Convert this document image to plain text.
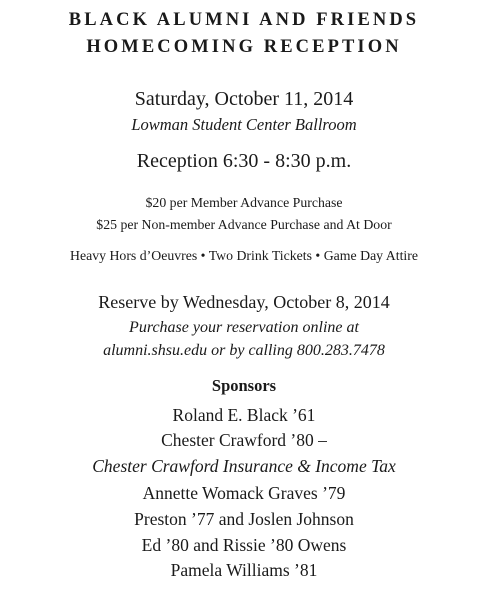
BLACK ALUMNI AND FRIENDS
HOMECOMING RECEPTION
Saturday, October 11, 2014
Lowman Student Center Ballroom
Reception 6:30 - 8:30 p.m.
$20 per Member Advance Purchase
$25 per Non-member Advance Purchase and At Door
Heavy Hors d’Oeuvres • Two Drink Tickets • Game Day Attire
Reserve by Wednesday, October 8, 2014
Purchase your reservation online at
alumni.shsu.edu or by calling 800.283.7478
Sponsors
Roland E. Black ’61
Chester Crawford ’80 –
Chester Crawford Insurance & Income Tax
Annette Womack Graves ’79
Preston ’77 and Joslen Johnson
Ed ’80 and Rissie ’80 Owens
Pamela Williams ’81
